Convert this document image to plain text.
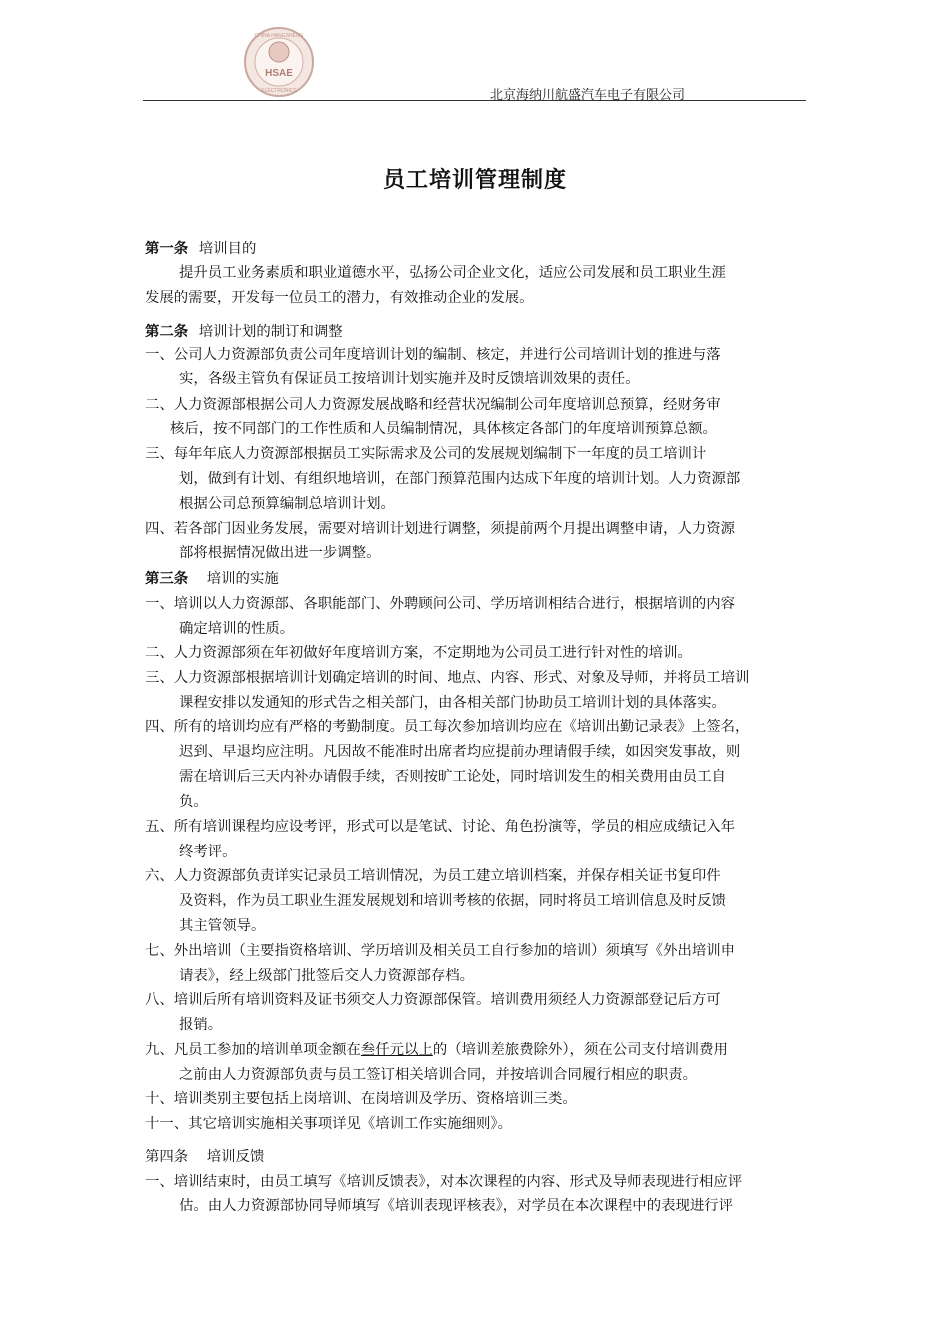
HSAE
CHINA HANGSHENG
ELECTRONICS	北京海纳川航盛汽车电子有限公司
员工培训管理制度
第一条 培训目的
提升员工业务素质和职业道德水平，弘扬公司企业文化，适应公司发展和员工职业生涯
发展的需要，开发每一位员工的潜力，有效推动企业的发展。
第二条 培训计划的制订和调整
一、公司人力资源部负责公司年度培训计划的编制、核定，并进行公司培训计划的推进与落
实，各级主管负有保证员工按培训计划实施并及时反馈培训效果的责任。
二、人力资源部根据公司人力资源发展战略和经营状况编制公司年度培训总预算，经财务审
核后，按不同部门的工作性质和人员编制情况，具体核定各部门的年度培训预算总额。
三、每年年底人力资源部根据员工实际需求及公司的发展规划编制下一年度的员工培训计
划，做到有计划、有组织地培训，在部门预算范围内达成下年度的培训计划。人力资源部
根据公司总预算编制总培训计划。
四、若各部门因业务发展，需要对培训计划进行调整，须提前两个月提出调整申请，人力资源
部将根据情况做出进一步调整。
第三条 培训的实施
一、培训以人力资源部、各职能部门、外聘顾问公司、学历培训相结合进行，根据培训的内容
确定培训的性质。
二、人力资源部须在年初做好年度培训方案，不定期地为公司员工进行针对性的培训。
三、人力资源部根据培训计划确定培训的时间、地点、内容、形式、对象及导师，并将员工培训
课程安排以发通知的形式告之相关部门，由各相关部门协助员工培训计划的具体落实。
四、所有的培训均应有严格的考勤制度。员工每次参加培训均应在《培训出勤记录表》上签名，
迟到、早退均应注明。凡因故不能准时出席者均应提前办理请假手续，如因突发事故，则
需在培训后三天内补办请假手续，否则按旷工论处，同时培训发生的相关费用由员工自
负。
五、所有培训课程均应设考评，形式可以是笔试、讨论、角色扮演等，学员的相应成绩记入年
终考评。
六、人力资源部负责详实记录员工培训情况，为员工建立培训档案，并保存相关证书复印件
及资料，作为员工职业生涯发展规划和培训考核的依据，同时将员工培训信息及时反馈
其主管领导。
七、外出培训（主要指资格培训、学历培训及相关员工自行参加的培训）须填写《外出培训申
请表》，经上级部门批签后交人力资源部存档。
八、培训后所有培训资料及证书须交人力资源部保管。培训费用须经人力资源部登记后方可
报销。
九、凡员工参加的培训单项金额在叁仟元以上的（培训差旅费除外），须在公司支付培训费用
之前由人力资源部负责与员工签订相关培训合同，并按培训合同履行相应的职责。
十、培训类别主要包括上岗培训、在岗培训及学历、资格培训三类。
十一、其它培训实施相关事项详见《培训工作实施细则》。
第四条 培训反馈
一、培训结束时，由员工填写《培训反馈表》，对本次课程的内容、形式及导师表现进行相应评
估。由人力资源部协同导师填写《培训表现评核表》，对学员在本次课程中的表现进行评
